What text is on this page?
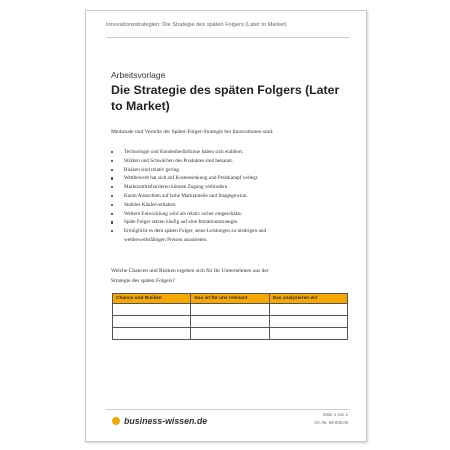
Innovationsstrategien: Die Strategie des späten Folgers (Later to Market)
Arbeitsvorlage
Die Strategie des späten Folgers (Later to Market)
Merkmale und Vorteile der Später-Folger-Strategie bei Innovationen sind:
Technologie und Kundenbedürfnisse haben sich etabliert.
Stärken und Schwächen des Produktes sind bekannt.
Risiken sind relativ gering.
Wettbewerb hat sich auf Kostensenkung und Preiskampf verlegt.
Marktzutrittsbarrieren können Zugang verhindern.
Kaum Aussichten auf hohe Marktanteile und Imagegewinn.
Stabiles Käuferverhalten.
Weitere Entwicklung wird als relativ sicher eingeschätzt.
Späte Folger setzen häufig auf eine Imitationsstrategie.
Ermöglicht es dem späten Folger, seine Leistungen zu niedrigen und
wettbewerbsfähigen Preisen anzubieten.
Welche Chancen und Risiken ergeben sich für Ihr Unternehmen aus der
Strategie des späten Folgers?
Chance und Risiken	Das ist für uns relevant	Das analysieren wir

business-wissen.de
Seite 1 von 1
Art.-Nr. 99.000.00
